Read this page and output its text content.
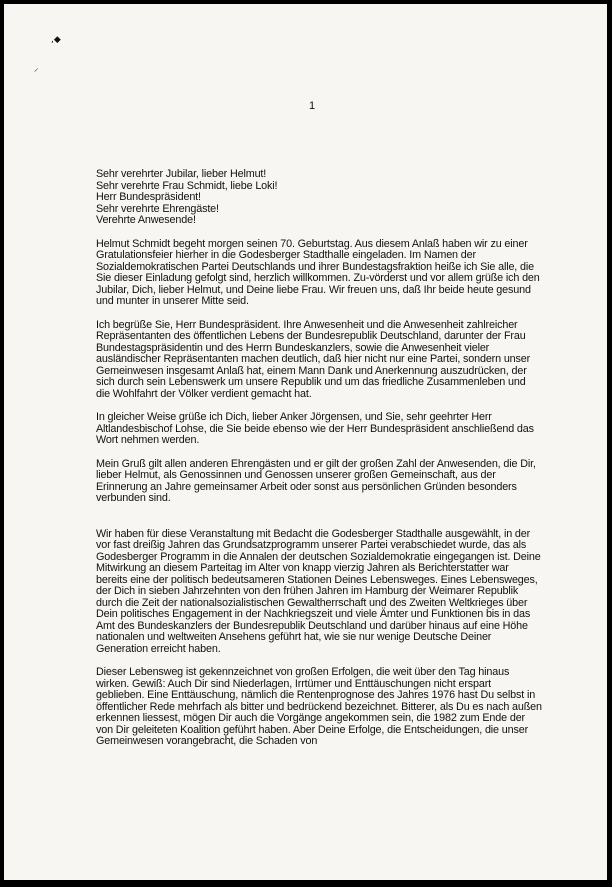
,◆
⸝
1
Sehr verehrter Jubilar, lieber Helmut!
Sehr verehrte Frau Schmidt, liebe Loki!
Herr Bundespräsident!
Sehr verehrte Ehrengäste!
Verehrte Anwesende!

Helmut Schmidt begeht morgen seinen 70. Geburtstag. Aus diesem Anlaß haben wir zu einer Gratulationsfeier hierher in die Godesberger Stadthalle eingeladen. Im Namen der Sozialdemokratischen Partei Deutschlands und ihrer Bundestagsfraktion heiße ich Sie alle, die Sie dieser Einladung gefolgt sind, herzlich willkommen. Zu-vörderst und vor allem grüße ich den Jubilar, Dich, lieber Helmut, und Deine liebe Frau. Wir freuen uns, daß Ihr beide heute gesund und munter in unserer Mitte seid.

Ich begrüße Sie, Herr Bundespräsident. Ihre Anwesenheit und die Anwesenheit zahlreicher Repräsentanten des öffentlichen Lebens der Bundesrepublik Deutschland, darunter der Frau Bundestagspräsidentin und des Herrn Bundeskanzlers, sowie die Anwesenheit vieler ausländischer Repräsentanten machen deutlich, daß hier nicht nur eine Partei, sondern unser Gemeinwesen insgesamt Anlaß hat, einem Mann Dank und Anerkennung auszudrücken, der sich durch sein Lebenswerk um unsere Republik und um das friedliche Zusammenleben und die Wohlfahrt der Völker verdient gemacht hat.

In gleicher Weise grüße ich Dich, lieber Anker Jörgensen, und Sie, sehr geehrter Herr Altlandesbischof Lohse, die Sie beide ebenso wie der Herr Bundespräsident anschließend das Wort nehmen werden.

Mein Gruß gilt allen anderen Ehrengästen und er gilt der großen Zahl der Anwesenden, die Dir, lieber Helmut, als Genossinnen und Genossen unserer großen Gemeinschaft, aus der Erinnerung an Jahre gemeinsamer Arbeit oder sonst aus persönlichen Gründen besonders verbunden sind.

Wir haben für diese Veranstaltung mit Bedacht die Godesberger Stadthalle ausgewählt, in der vor fast dreißig Jahren das Grundsatzprogramm unserer Partei verabschiedet wurde, das als Godesberger Programm in die Annalen der deutschen Sozialdemokratie eingegangen ist. Deine Mitwirkung an diesem Parteitag im Alter von knapp vierzig Jahren als Berichterstatter war bereits eine der politisch bedeutsameren Stationen Deines Lebensweges. Eines Lebensweges, der Dich in sieben Jahrzehnten von den frühen Jahren im Hamburg der Weimarer Republik durch die Zeit der nationalsozialistischen Gewaltherrschaft und des Zweiten Weltkrieges über Dein politisches Engagement in der Nachkriegszeit und viele Ämter und Funktionen bis in das Amt des Bundeskanzlers der Bundesrepublik Deutschland und darüber hinaus auf eine Höhe nationalen und weltweiten Ansehens geführt hat, wie sie nur wenige Deutsche Deiner Generation erreicht haben.

Dieser Lebensweg ist gekennzeichnet von großen Erfolgen, die weit über den Tag hinaus wirken. Gewiß: Auch Dir sind Niederlagen, Irrtümer und Enttäuschungen nicht erspart geblieben. Eine Enttäuschung, nämlich die Rentenprognose des Jahres 1976 hast Du selbst in öffentlicher Rede mehrfach als bitter und bedrückend bezeichnet. Bitterer, als Du es nach außen erkennen liessest, mögen Dir auch die Vorgänge angekommen sein, die 1982 zum Ende der von Dir geleiteten Koalition geführt haben. Aber Deine Erfolge, die Entscheidungen, die unser Gemeinwesen vorangebracht, die Schaden von
